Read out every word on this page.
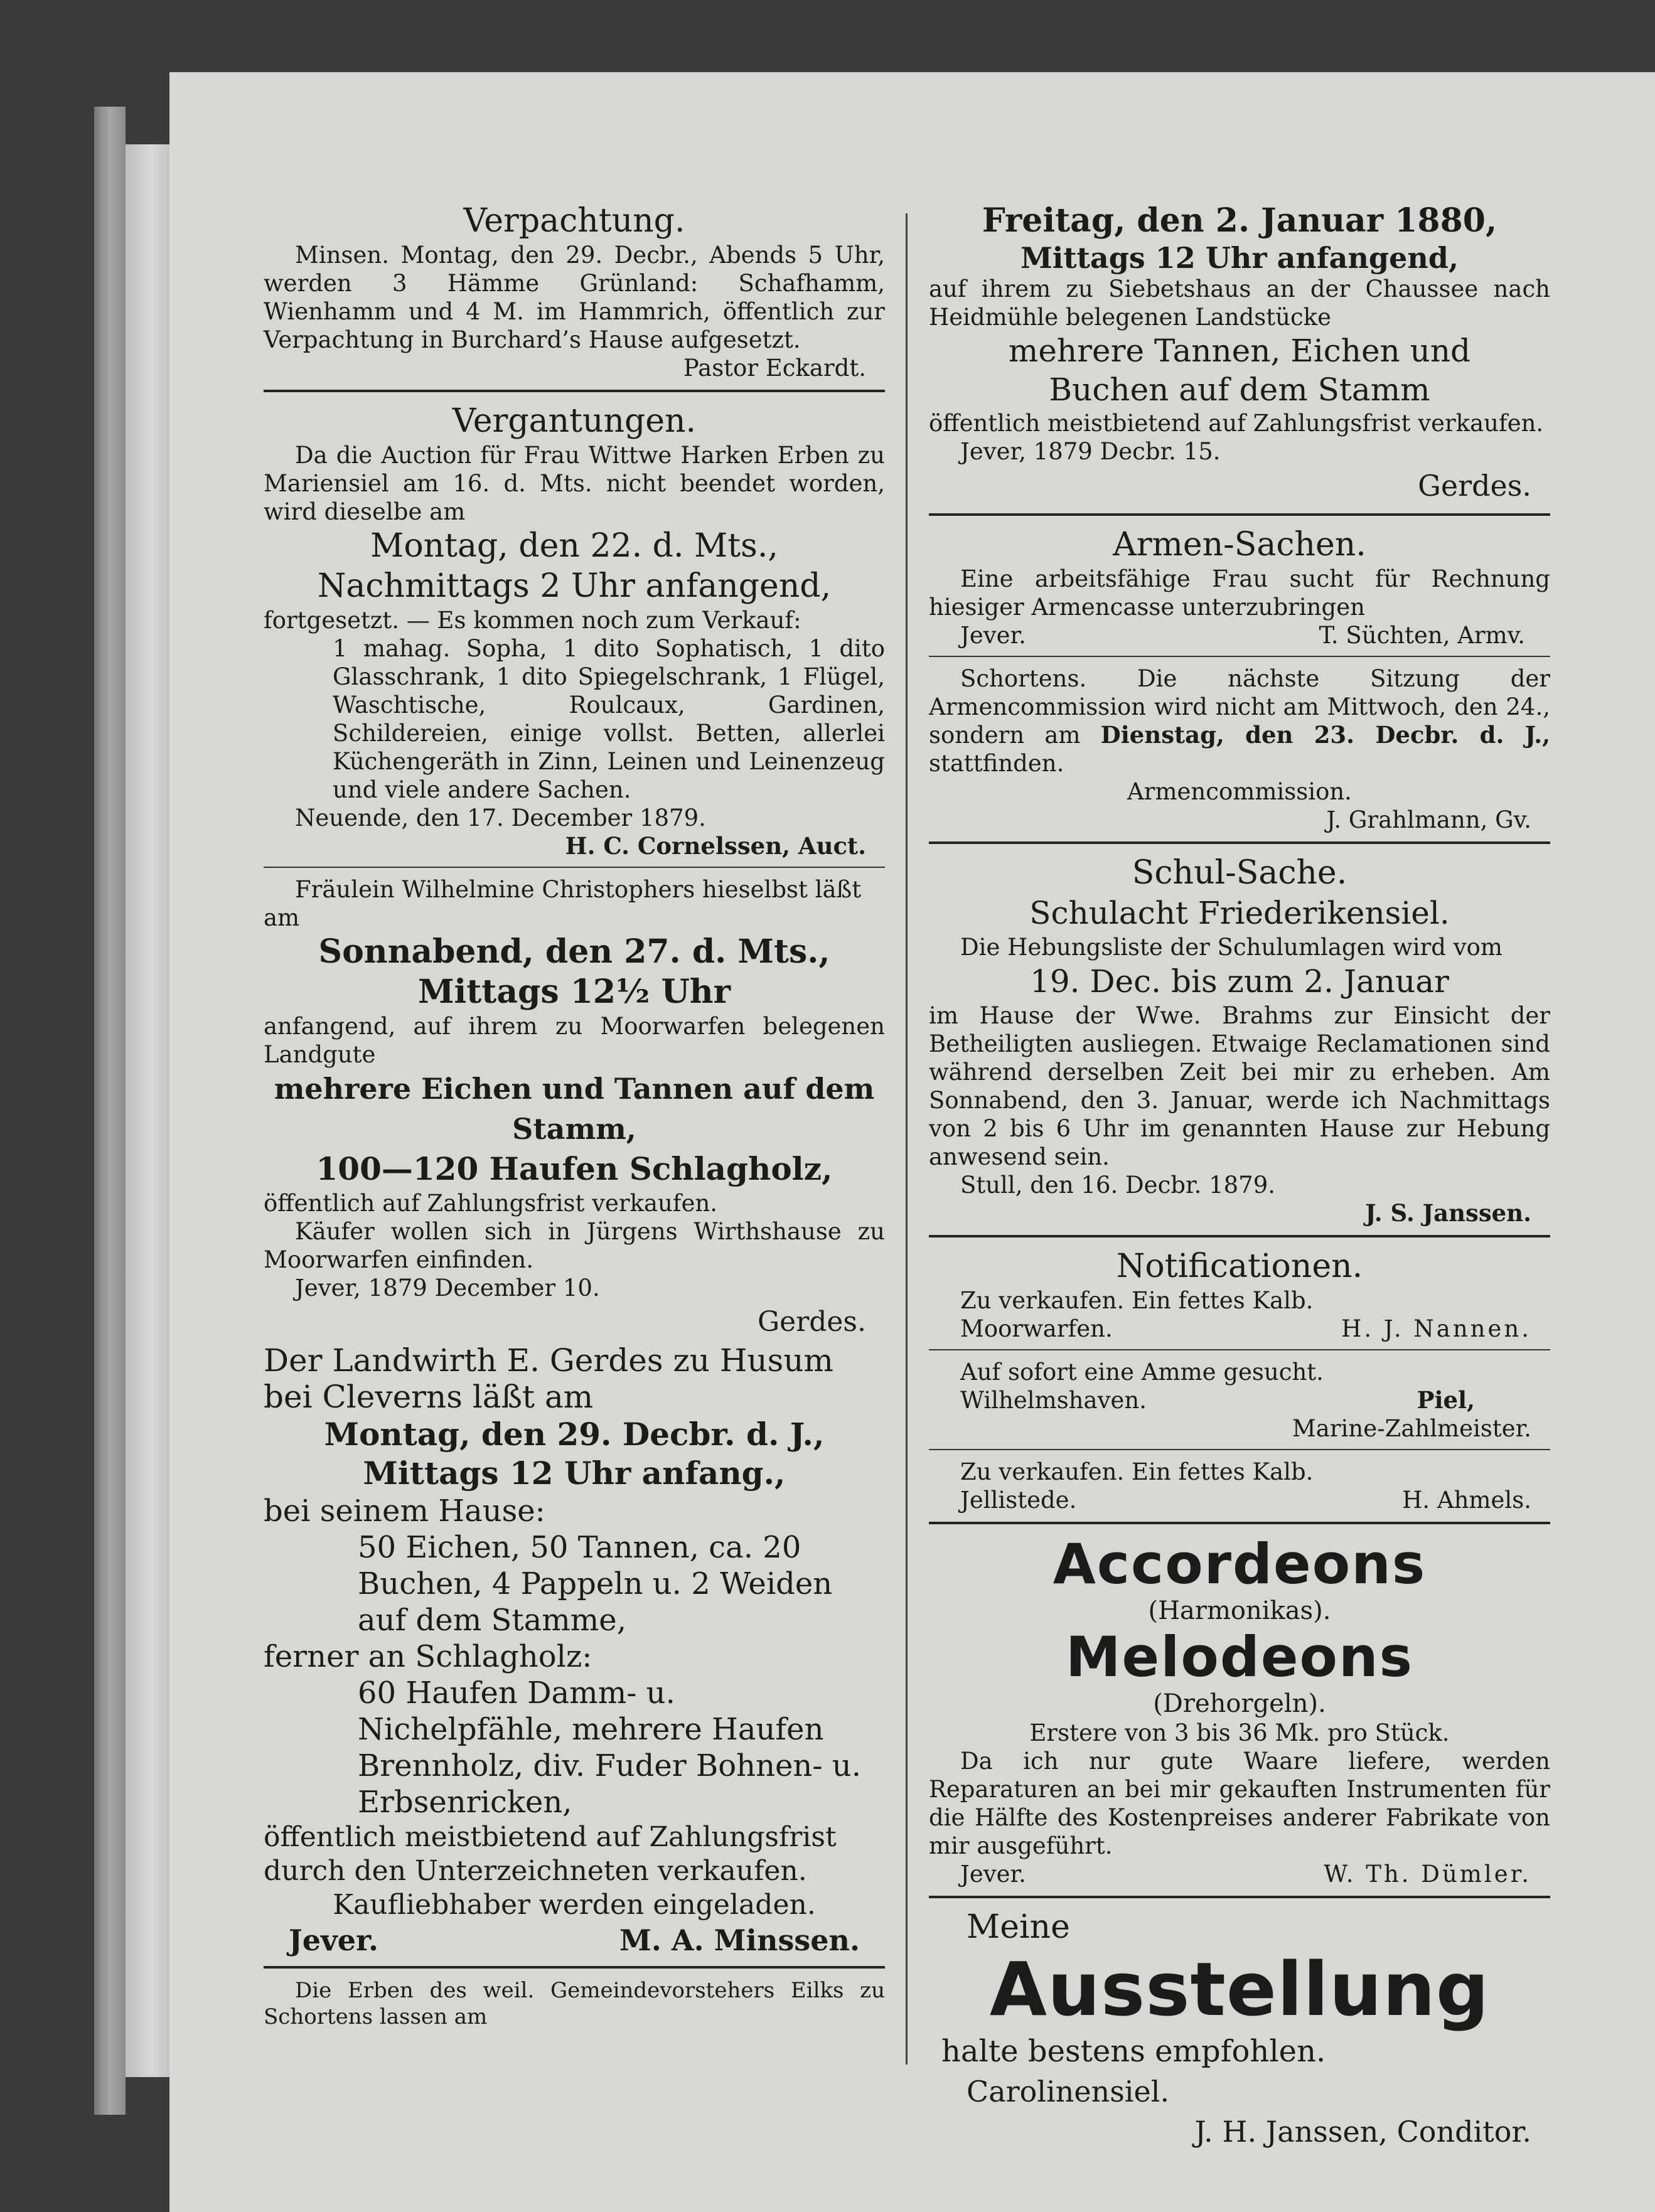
Verpachtung.

Minsen. Montag, den 29. Decbr., Abends 5 Uhr, werden 3 Hämme Grünland: Schafhamm, Wienhamm und 4 M. im Hammrich, öffentlich zur Verpachtung in Burchard’s Hause aufgesetzt.

Pastor Eckardt.

Vergantungen.

Da die Auction für Frau Wittwe Harken Erben zu Mariensiel am 16. d. Mts. nicht beendet worden, wird dieselbe am

Montag, den 22. d. Mts.,

Nachmittags 2 Uhr anfangend,

fortgesetzt. — Es kommen noch zum Verkauf:

1 mahag. Sopha, 1 dito Sophatisch, 1 dito Glasschrank, 1 dito Spiegelschrank, 1 Flügel, Waschtische, Roulcaux, Gardinen, Schildereien, einige vollst. Betten, allerlei Küchengeräth in Zinn, Leinen und Leinenzeug und viele andere Sachen.

Neuende, den 17. December 1879.

H. C. Cornelssen, Auct.

Fräulein Wilhelmine Christophers hieselbst läßt

am

Sonnabend, den 27. d. Mts.,

Mittags 12½ Uhr

anfangend, auf ihrem zu Moorwarfen belegenen Landgute

mehrere Eichen und Tannen auf dem Stamm,

100—120 Haufen Schlagholz,

öffentlich auf Zahlungsfrist verkaufen.

Käufer wollen sich in Jürgens Wirthshause zu Moorwarfen einfinden.

Jever, 1879 December 10.

Gerdes.

Der Landwirth E. Gerdes zu Husum bei Cleverns läßt am

Montag, den 29. Decbr. d. J., Mittags 12 Uhr anfang.,

bei seinem Hause:

50 Eichen, 50 Tannen, ca. 20 Buchen, 4 Pappeln u. 2 Weiden auf dem Stamme,

ferner an Schlagholz:

60 Haufen Damm- u. Nichelpfähle, mehrere Haufen Brennholz, div. Fuder Bohnen- u. Erbsenricken,

öffentlich meistbietend auf Zahlungsfrist durch den Unterzeichneten verkaufen.

Kaufliebhaber werden eingeladen.

Jever.	M. A. Minssen.

Die Erben des weil. Gemeindevorstehers Eilks zu Schortens lassen am

Freitag, den 2. Januar 1880,

Mittags 12 Uhr anfangend,

auf ihrem zu Siebetshaus an der Chaussee nach Heidmühle belegenen Landstücke

mehrere Tannen, Eichen und Buchen auf dem Stamm

öffentlich meistbietend auf Zahlungsfrist verkaufen.

Jever, 1879 Decbr. 15.

Gerdes.

Armen-Sachen.

Eine arbeitsfähige Frau sucht für Rechnung hiesiger Armencasse unterzubringen

Jever.	T. Süchten, Armv.

Schortens. Die nächste Sitzung der Armencommission wird nicht am Mittwoch, den 24., sondern am Dienstag, den 23. Decbr. d. J., stattfinden.

Armencommission.

J. Grahlmann, Gv.

Schul-Sache.

Schulacht Friederikensiel.

Die Hebungsliste der Schulumlagen wird vom

19. Dec. bis zum 2. Januar

im Hause der Wwe. Brahms zur Einsicht der Betheiligten ausliegen. Etwaige Reclamationen sind während derselben Zeit bei mir zu erheben. Am Sonnabend, den 3. Januar, werde ich Nachmittags von 2 bis 6 Uhr im genannten Hause zur Hebung anwesend sein.

Stull, den 16. Decbr. 1879.

J. S. Janssen.

Notificationen.

Zu verkaufen. Ein fettes Kalb.

Moorwarfen.	H. J. Nannen.

Auf sofort eine Amme gesucht.

Wilhelmshaven.	Piel,

Marine-Zahlmeister.

Zu verkaufen. Ein fettes Kalb.

Jellistede.	H. Ahmels.

Accordeons

(Harmonikas).

Melodeons

(Drehorgeln).

Erstere von 3 bis 36 Mk. pro Stück.

Da ich nur gute Waare liefere, werden Reparaturen an bei mir gekauften Instrumenten für die Hälfte des Kostenpreises anderer Fabrikate von mir ausgeführt.

Jever.	W. Th. Dümler.

Meine

Ausstellung

halte bestens empfohlen.

Carolinensiel.

J. H. Janssen, Conditor.
